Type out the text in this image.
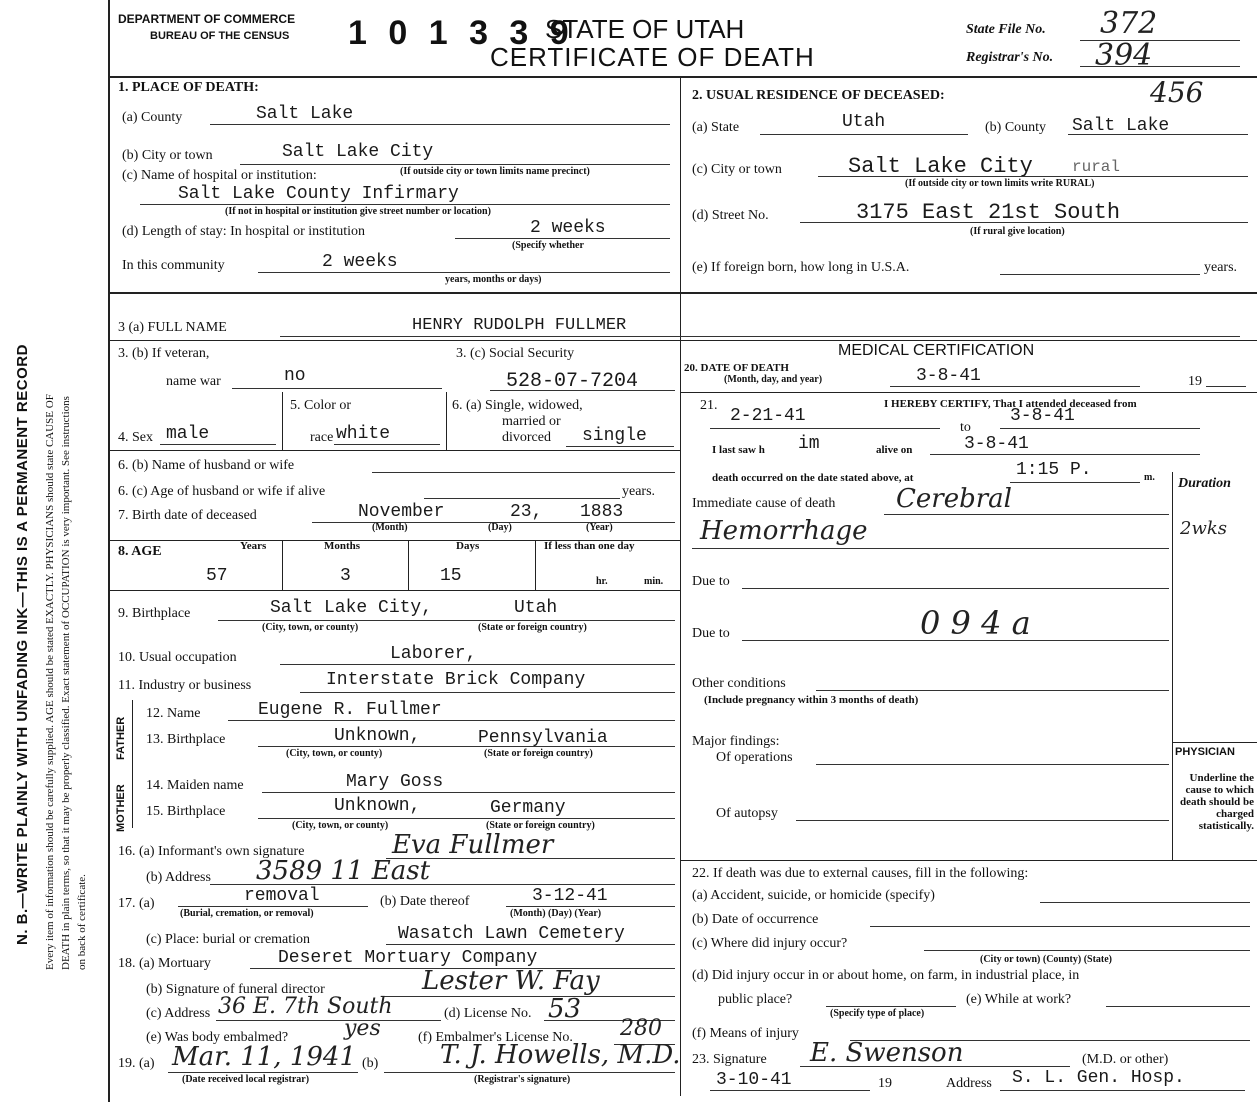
N. B.—WRITE PLAINLY WITH UNFADING INK—THIS IS A PERMANENT RECORD Every item of information should be carefully supplied. AGE should be stated EXACTLY. PHYSICIANS should state CAUSE OF DEATH in plain terms, so that it may be properly classified. Exact statement of OCCUPATION is very important. See instructions on back of certificate.
DEPARTMENT OF COMMERCE
BUREAU OF THE CENSUS 1 0 1 3 3 9
STATE OF UTAH
CERTIFICATE OF DEATH
State File No. 372
Registrar's No. 394
1. PLACE OF DEATH:
(a) County	Salt Lake
(b) City or town	Salt Lake City
(c) Name of hospital or institution:	(If outside city or town limits name precinct)
Salt Lake County Infirmary
(If not in hospital or institution give street number or location)
(d) Length of stay: In hospital or institution	2 weeks
(Specify whether
In this community	2 weeks
years, months or days)
2. USUAL RESIDENCE OF DECEASED:	456
(a) State	Utah	(b) County Salt Lake
(c) City or town	Salt Lake City rural
(If outside city or town limits write RURAL)
(d) Street No.	3175 East 21st South
(If rural give location)
(e) If foreign born, how long in U.S.A.	years.
3 (a) FULL NAME	HENRY RUDOLPH FULLMER
3. (b) If veteran,
name war	no
3. (c) Social Security
528-07-7204
MEDICAL CERTIFICATION
20. DATE OF DEATH
(Month, day, and year)	3-8-41	19
21.
2-21-41
I HEREBY CERTIFY, That I attended deceased from
to
3-8-41
I last saw h im	alive on	3-8-41
death occurred on the date stated above, at	1:15 P.	m. Duration
Immediate cause of death Cerebral
Hemorrhage	2wks
Due to
Due to	0 9 4 a
Other conditions
(Include pregnancy within 3 months of death)
Major findings:
Of operations
Of autopsy
PHYSICIAN
Underline the cause to which death should be charged statistically.
22. If death was due to external causes, fill in the following:
(a) Accident, suicide, or homicide (specify)
(b) Date of occurrence
(c) Where did injury occur?
(City or town) (County) (State)
(d) Did injury occur in or about home, on farm, in industrial place, in
public place?
(Specify type of place)
(e) While at work?
(f) Means of injury
23. Signature E. Swenson	(M.D. or other)
3-10-41	19	Address S. L. Gen. Hosp.
4. Sex male
5. Color or
race white
6. (a) Single, widowed,
married or
divorced single
6. (b) Name of husband or wife
6. (c) Age of husband or wife if alive	years.
7. Birth date of deceased	November	23, 1883
(Month)	(Day)	(Year)
8. AGE	Years	Months	Days	If less than one day
57	3	15	hr.	min.
9. Birthplace	Salt Lake City,	Utah
(City, town, or county)	(State or foreign country)
10. Usual occupation	Laborer,
11. Industry or business	Interstate Brick Company
FATHER
12. Name	Eugene R. Fullmer
13. Birthplace	Unknown,	Pennsylvania
(City, town, or county)	(State or foreign country)
MOTHER 14. Maiden name	Mary Goss
15. Birthplace	Unknown,	Germany
(City, town, or county)	(State or foreign country)
16. (a) Informant's own signature	Eva Fullmer
(b) Address 3589 11 East
17. (a)	removal
(Burial, cremation, or removal)
(b) Date thereof	3-12-41
(Month) (Day) (Year)
(c) Place: burial or cremation	Wasatch Lawn Cemetery
18. (a) Mortuary	Deseret Mortuary Company
(b) Signature of funeral director	Lester W. Fay
(c) Address 36 E. 7th South	(d) License No. 53
(e) Was body embalmed?	yes	(f) Embalmer's License No. 280
19. (a) Mar. 11, 1941
(Date received local registrar)
(b) T. J. Howells, M.D.
(Registrar's signature)
